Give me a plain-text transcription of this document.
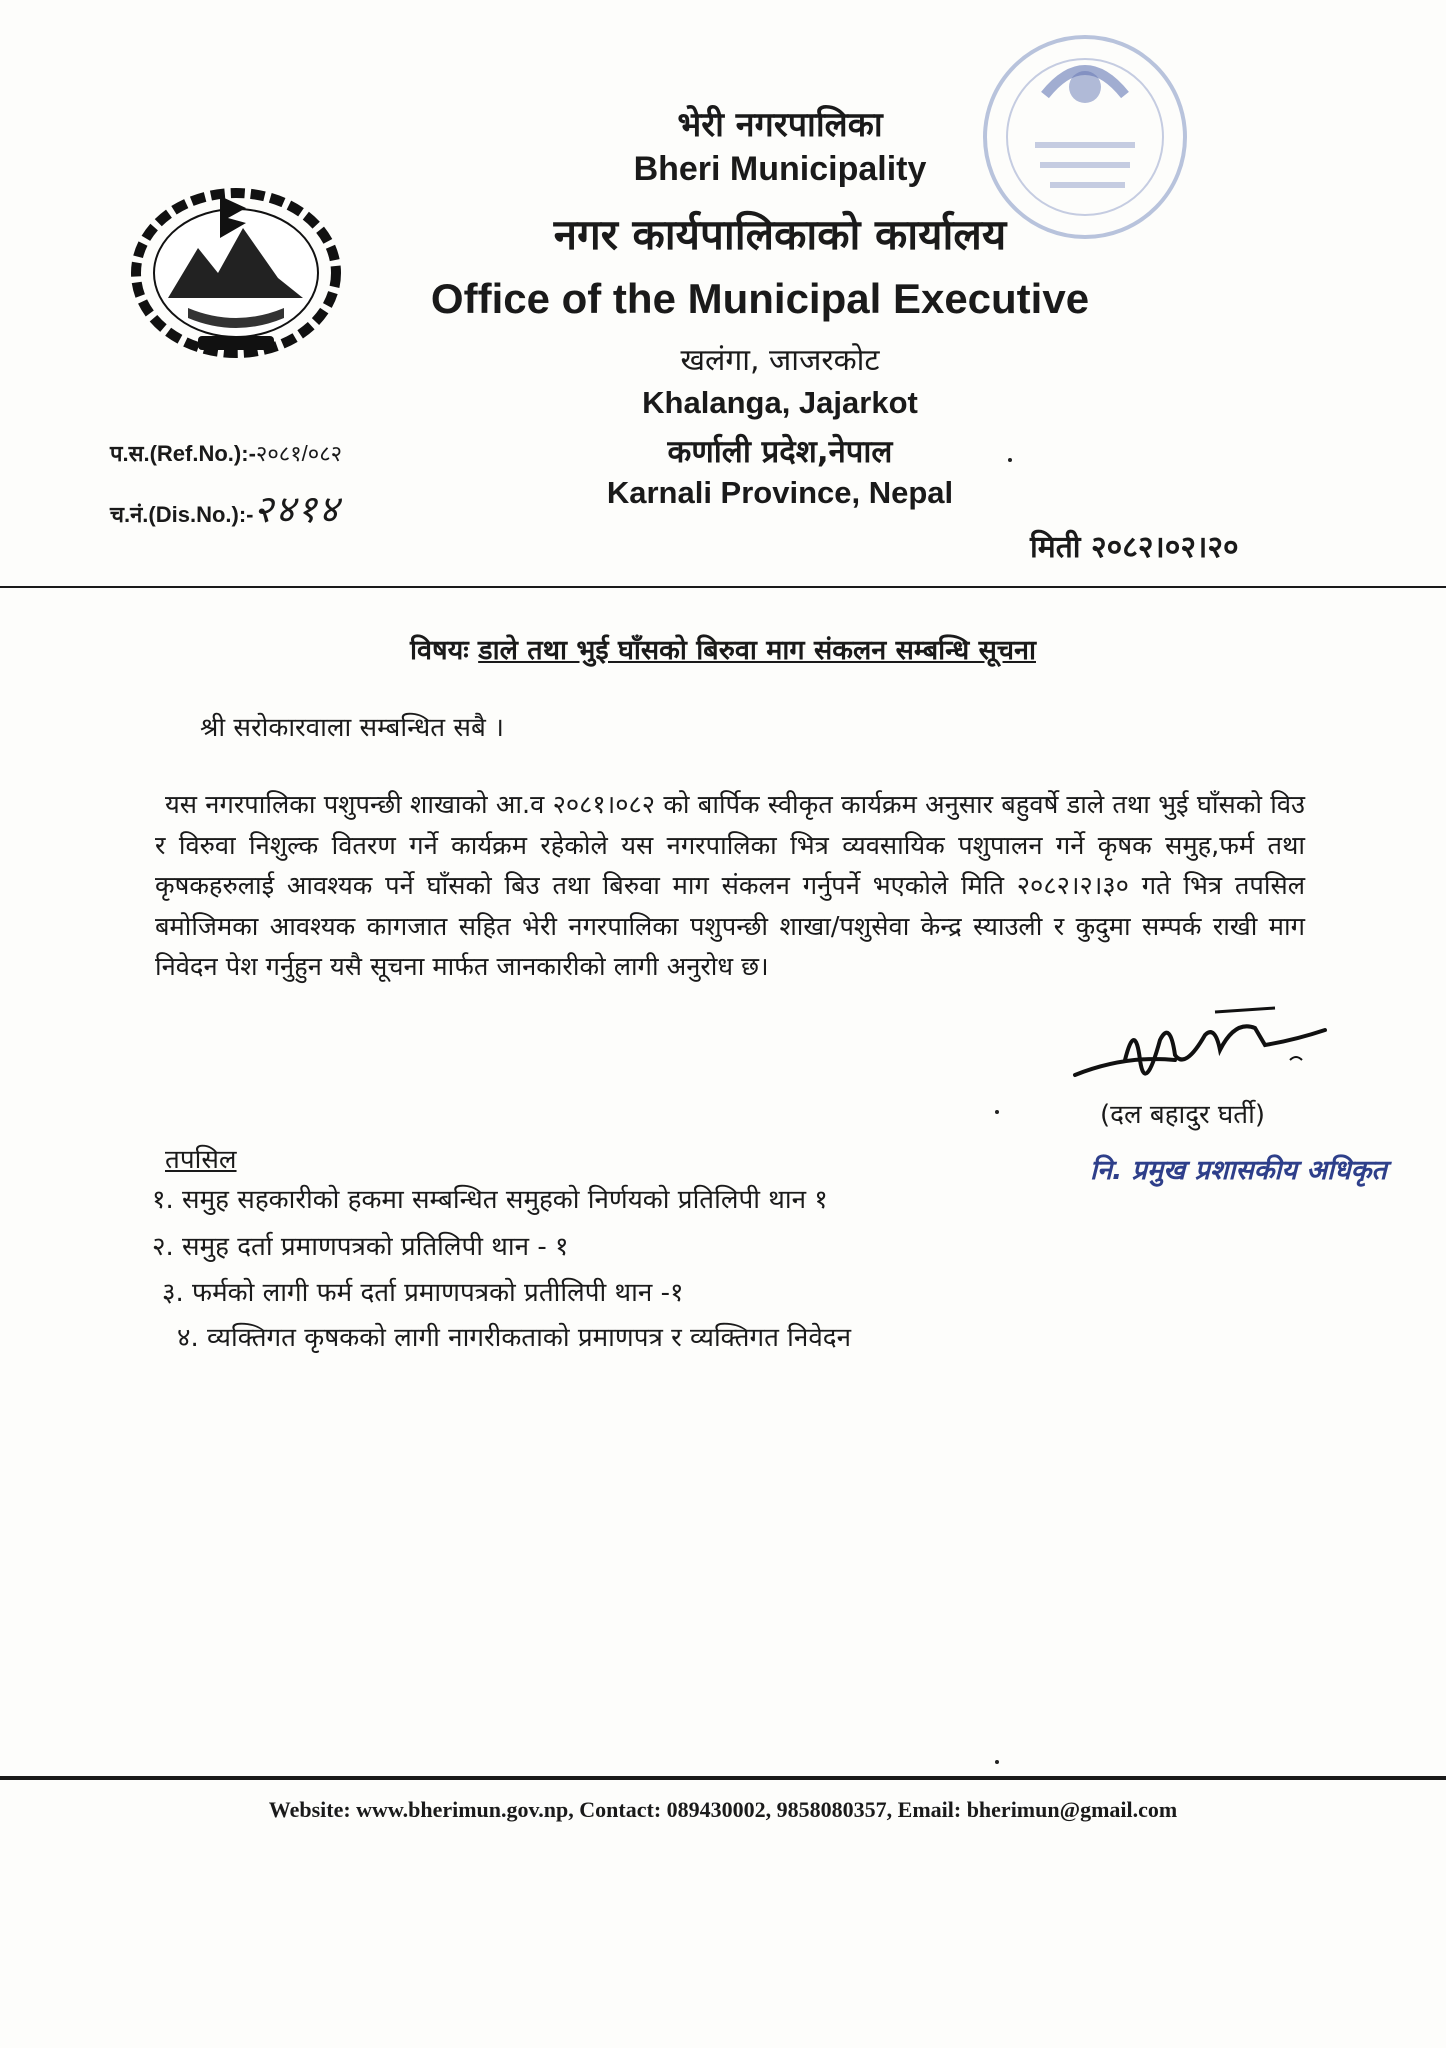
भेरी नगरपालिका
Bheri Municipality
नगर कार्यपालिकाको कार्यालय
Office of the Municipal Executive
खलंगा, जाजरकोट
Khalanga, Jajarkot
कर्णाली प्रदेश,नेपाल
Karnali Province, Nepal
प.स.(Ref.No.):-२०८१/०८२
च.नं.(Dis.No.):-२४१४
मिती २०८२।०२।२०
विषयः डाले तथा भुई घाँसको बिरुवा माग संकलन सम्बन्धि सूचना
श्री सरोकारवाला सम्बन्धित सबै ।
यस नगरपालिका पशुपन्छी शाखाको आ.व २०८१।०८२ को बार्पिक स्वीकृत कार्यक्रम अनुसार बहुवर्षे डाले तथा भुई घाँसको विउ र विरुवा निशुल्क वितरण गर्ने कार्यक्रम रहेकोले यस नगरपालिका भित्र व्यवसायिक पशुपालन गर्ने कृषक समुह,फर्म तथा कृषकहरुलाई आवश्यक पर्ने घाँसको बिउ तथा बिरुवा माग संकलन गर्नुपर्ने भएकोले मिति २०८२।२।३० गते भित्र तपसिल बमोजिमका आवश्यक कागजात सहित भेरी नगरपालिका पशुपन्छी शाखा/पशुसेवा केन्द्र स्याउली र कुदुमा सम्पर्क राखी माग निवेदन पेश गर्नुहुन यसै सूचना मार्फत जानकारीको लागी अनुरोध छ।
(दल बहादुर घर्ती)
नि. प्रमुख प्रशासकीय अधिकृत
तपसिल
१. समुह सहकारीको हकमा सम्बन्धित समुहको निर्णयको प्रतिलिपी थान १
२. समुह दर्ता प्रमाणपत्रको प्रतिलिपी थान - १
३. फर्मको लागी फर्म दर्ता प्रमाणपत्रको प्रतीलिपी थान -१
४. व्यक्तिगत कृषकको लागी नागरीकताको प्रमाणपत्र र व्यक्तिगत निवेदन
Website: www.bherimun.gov.np, Contact: 089430002, 9858080357, Email: bherimun@gmail.com
